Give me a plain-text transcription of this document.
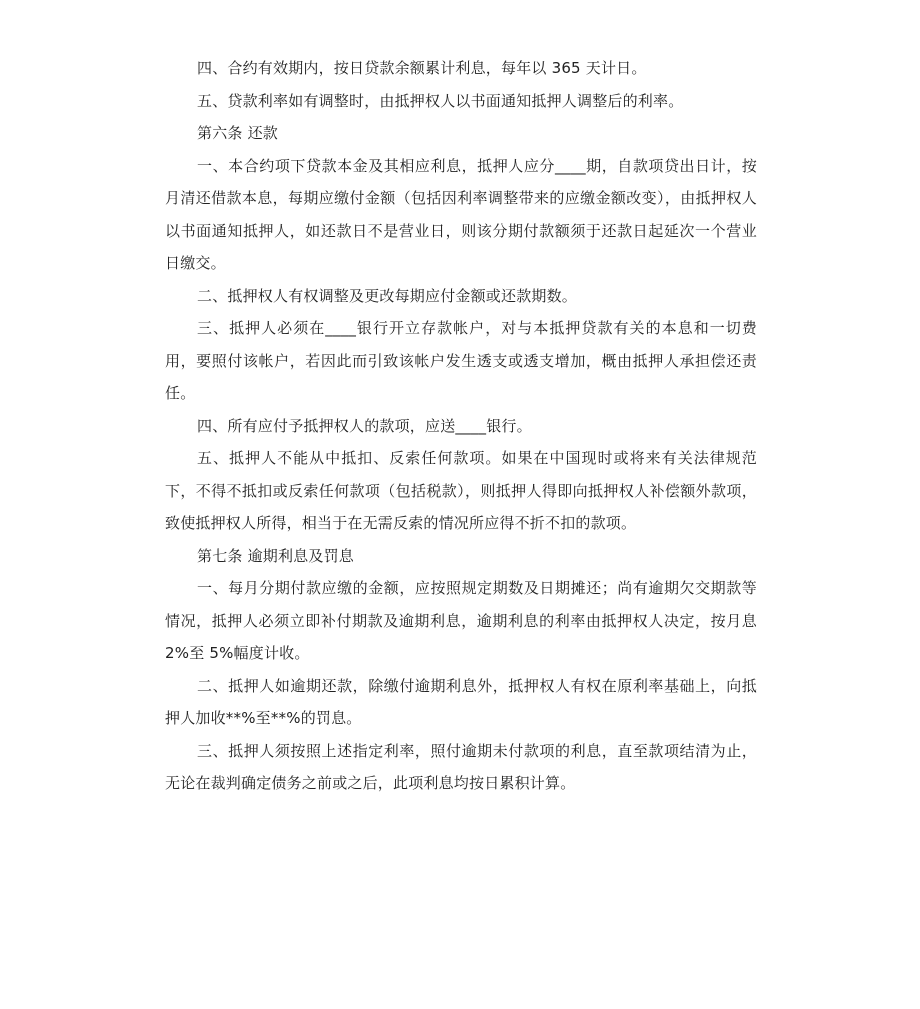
四、合约有效期内，按日贷款余额累计利息，每年以 365 天计日。

五、贷款利率如有调整时，由抵押权人以书面通知抵押人调整后的利率。

第六条 还款

一、本合约项下贷款本金及其相应利息，抵押人应分____期，自款项贷出日计，按月清还借款本息，每期应缴付金额（包括因利率调整带来的应缴金额改变），由抵押权人以书面通知抵押人，如还款日不是营业日，则该分期付款额须于还款日起延次一个营业日缴交。

二、抵押权人有权调整及更改每期应付金额或还款期数。

三、抵押人必须在____银行开立存款帐户，对与本抵押贷款有关的本息和一切费用，要照付该帐户，若因此而引致该帐户发生透支或透支增加，概由抵押人承担偿还责任。

四、所有应付予抵押权人的款项，应送____银行。

五、抵押人不能从中抵扣、反索任何款项。如果在中国现时或将来有关法律规范下，不得不抵扣或反索任何款项（包括税款），则抵押人得即向抵押权人补偿额外款项，致使抵押权人所得，相当于在无需反索的情况所应得不折不扣的款项。

第七条 逾期利息及罚息

一、每月分期付款应缴的金额，应按照规定期数及日期摊还；尚有逾期欠交期款等情况，抵押人必须立即补付期款及逾期利息，逾期利息的利率由抵押权人决定，按月息 2%至 5%幅度计收。

二、抵押人如逾期还款，除缴付逾期利息外，抵押权人有权在原利率基础上，向抵押人加收**%至**%的罚息。

三、抵押人须按照上述指定利率，照付逾期未付款项的利息，直至款项结清为止，无论在裁判确定债务之前或之后，此项利息均按日累积计算。
